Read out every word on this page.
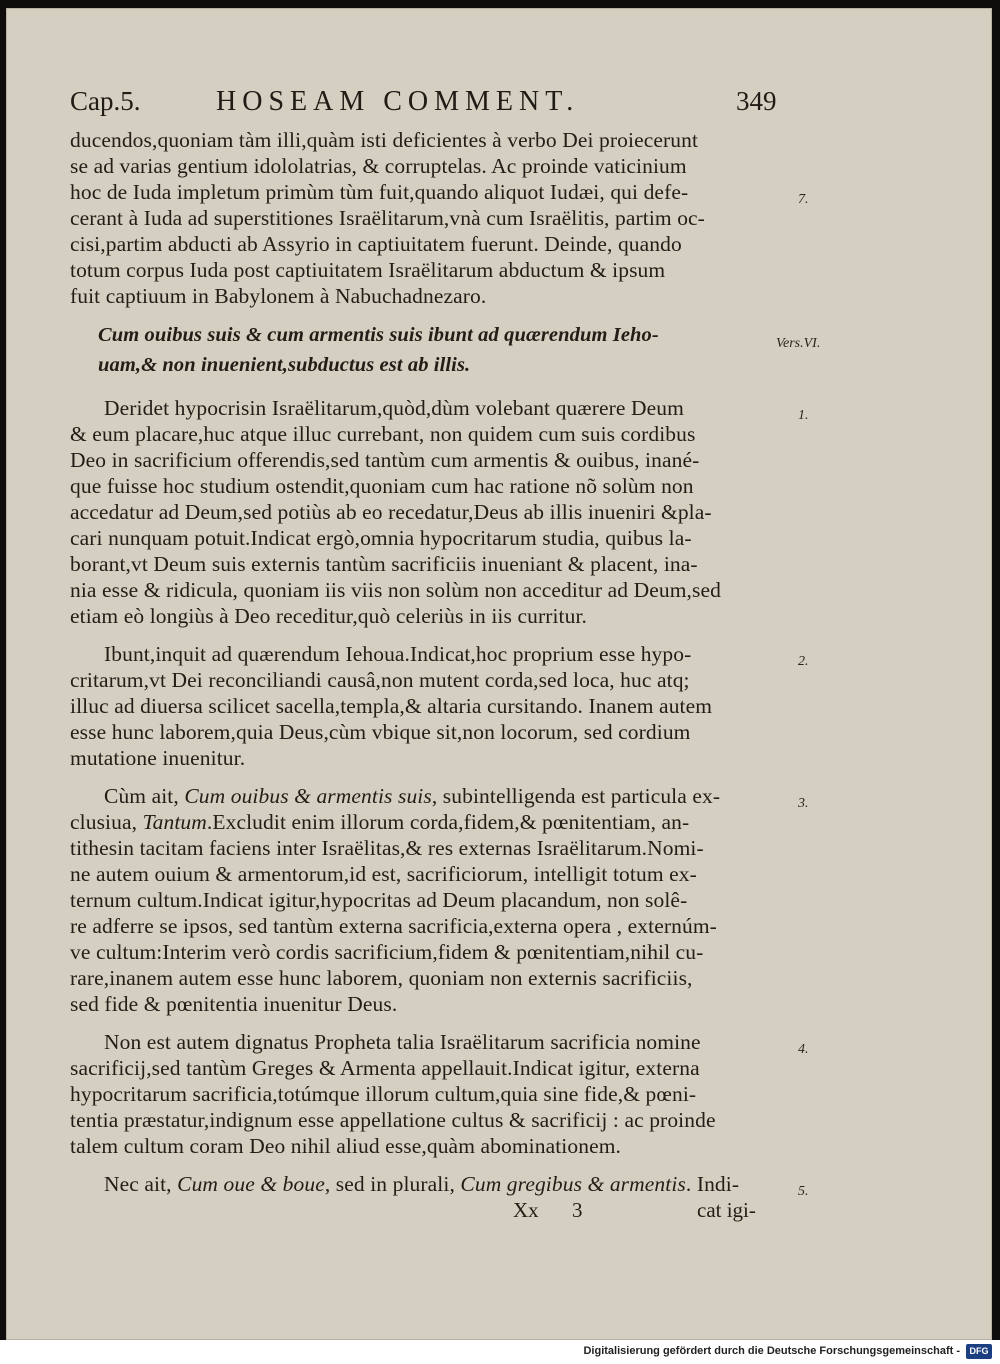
Cap.5.	HOSEAM COMMENT.	349
ducendos,quoniam tàm illi,quàm isti deficientes à verbo Dei proiecerunt
se ad varias gentium idololatrias, & corruptelas. Ac proinde vaticinium
hoc de Iuda impletum primùm tùm fuit,quando aliquot Iudæi, qui defe-
cerant à Iuda ad superstitiones Israëlitarum,vnà cum Israëlitis, partim oc-
cisi,partim abducti ab Assyrio in captiuitatem fuerunt. Deinde, quando
totum corpus Iuda post captiuitatem Israëlitarum abductum & ipsum
fuit captiuum in Babylonem à Nabuchadnezaro.
Cum ouibus suis & cum armentis suis ibunt ad quærendum Ieho-
uam,& non inuenient,subductus est ab illis.
Deridet hypocrisin Israëlitarum,quòd,dùm volebant quærere Deum
& eum placare,huc atque illuc currebant, non quidem cum suis cordibus
Deo in sacrificium offerendis,sed tantùm cum armentis & ouibus, inané-
que fuisse hoc studium ostendit,quoniam cum hac ratione nõ solùm non
accedatur ad Deum,sed potiùs ab eo recedatur,Deus ab illis inueniri &pla-
cari nunquam potuit.Indicat ergò,omnia hypocritarum studia, quibus la-
borant,vt Deum suis externis tantùm sacrificiis inueniant & placent, ina-
nia esse & ridicula, quoniam iis viis non solùm non acceditur ad Deum,sed
etiam eò longiùs à Deo receditur,quò celeriùs in iis curritur.
Ibunt,inquit ad quærendum Iehoua.Indicat,hoc proprium esse hypo-
critarum,vt Dei reconciliandi causâ,non mutent corda,sed loca, huc atq;
illuc ad diuersa scilicet sacella,templa,& altaria cursitando. Inanem autem
esse hunc laborem,quia Deus,cùm vbique sit,non locorum, sed cordium
mutatione inuenitur.
Cùm ait, Cum ouibus & armentis suis, subintelligenda est particula ex-
clusiua, Tantum.Excludit enim illorum corda,fidem,& pœnitentiam, an-
tithesin tacitam faciens inter Israëlitas,& res externas Israëlitarum.Nomi-
ne autem ouium & armentorum,id est, sacrificiorum, intelligit totum ex-
ternum cultum.Indicat igitur,hypocritas ad Deum placandum, non solê-
re adferre se ipsos, sed tantùm externa sacrificia,externa opera , externúm-
ve cultum:Interim verò cordis sacrificium,fidem & pœnitentiam,nihil cu-
rare,inanem autem esse hunc laborem, quoniam non externis sacrificiis,
sed fide & pœnitentia inuenitur Deus.
Non est autem dignatus Propheta talia Israëlitarum sacrificia nomine
sacrificij,sed tantùm Greges & Armenta appellauit.Indicat igitur, externa
hypocritarum sacrificia,totúmque illorum cultum,quia sine fide,& pœni-
tentia præstatur,indignum esse appellatione cultus & sacrificij : ac proinde
talem cultum coram Deo nihil aliud esse,quàm abominationem.
Nec ait, Cum oue & boue, sed in plurali, Cum gregibus & armentis. Indi-
7.
Vers.VI.
1.
2.
3.
4.
5.
Xx 3	cat igi-
Digitalisierung gefördert durch die Deutsche Forschungsgemeinschaft -	DFG
